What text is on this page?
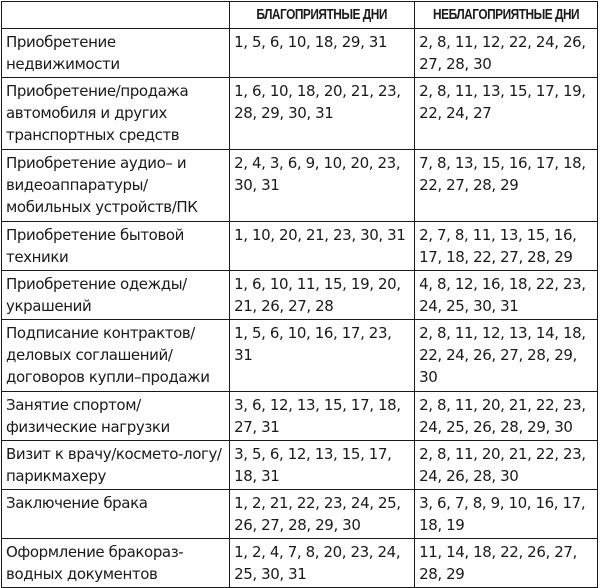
	БЛАГОПРИЯТНЫЕ ДНИ	НЕБЛАГОПРИЯТНЫЕ ДНИ
Приобретение недвижимости	1, 5, 6, 10, 18, 29, 31	2, 8, 11, 12, 22, 24, 26, 27, 28, 30
Приобретение/продажа автомобиля и других транспортных средств	1, 6, 10, 18, 20, 21, 23, 28, 29, 30, 31	2, 8, 11, 13, 15, 17, 19, 22, 24, 27
Приобретение аудио– и видеоаппаратуры/ мобильных устройств/ПК	2, 4, 3, 6, 9, 10, 20, 23, 30, 31	7, 8, 13, 15, 16, 17, 18, 22, 27, 28, 29
Приобретение бытовой техники	1, 10, 20, 21, 23, 30, 31	2, 7, 8, 11, 13, 15, 16, 17, 18, 22, 27, 28, 29
Приобретение одежды/ украшений	1, 6, 10, 11, 15, 19, 20, 21, 26, 27, 28	4, 8, 12, 16, 18, 22, 23, 24, 25, 30, 31
Подписание контрактов/ деловых соглашений/ договоров купли–продажи	1, 5, 6, 10, 16, 17, 23, 31	2, 8, 11, 12, 13, 14, 18, 22, 24, 26, 27, 28, 29, 30
Занятие спортом/ физические нагрузки	3, 6, 12, 13, 15, 17, 18, 27, 31	2, 8, 11, 20, 21, 22, 23, 24, 25, 26, 28, 29, 30
Визит к врачу/космето-логу/ парикмахеру	3, 5, 6, 12, 13, 15, 17, 18, 31	2, 8, 11, 20, 21, 22, 23, 24, 26, 28, 30
Заключение брака	1, 2, 21, 22, 23, 24, 25, 26, 27, 28, 29, 30	3, 6, 7, 8, 9, 10, 16, 17, 18, 19
Оформление бракораз-водных документов	1, 2, 4, 7, 8, 20, 23, 24, 25, 30, 31	11, 14, 18, 22, 26, 27, 28, 29
